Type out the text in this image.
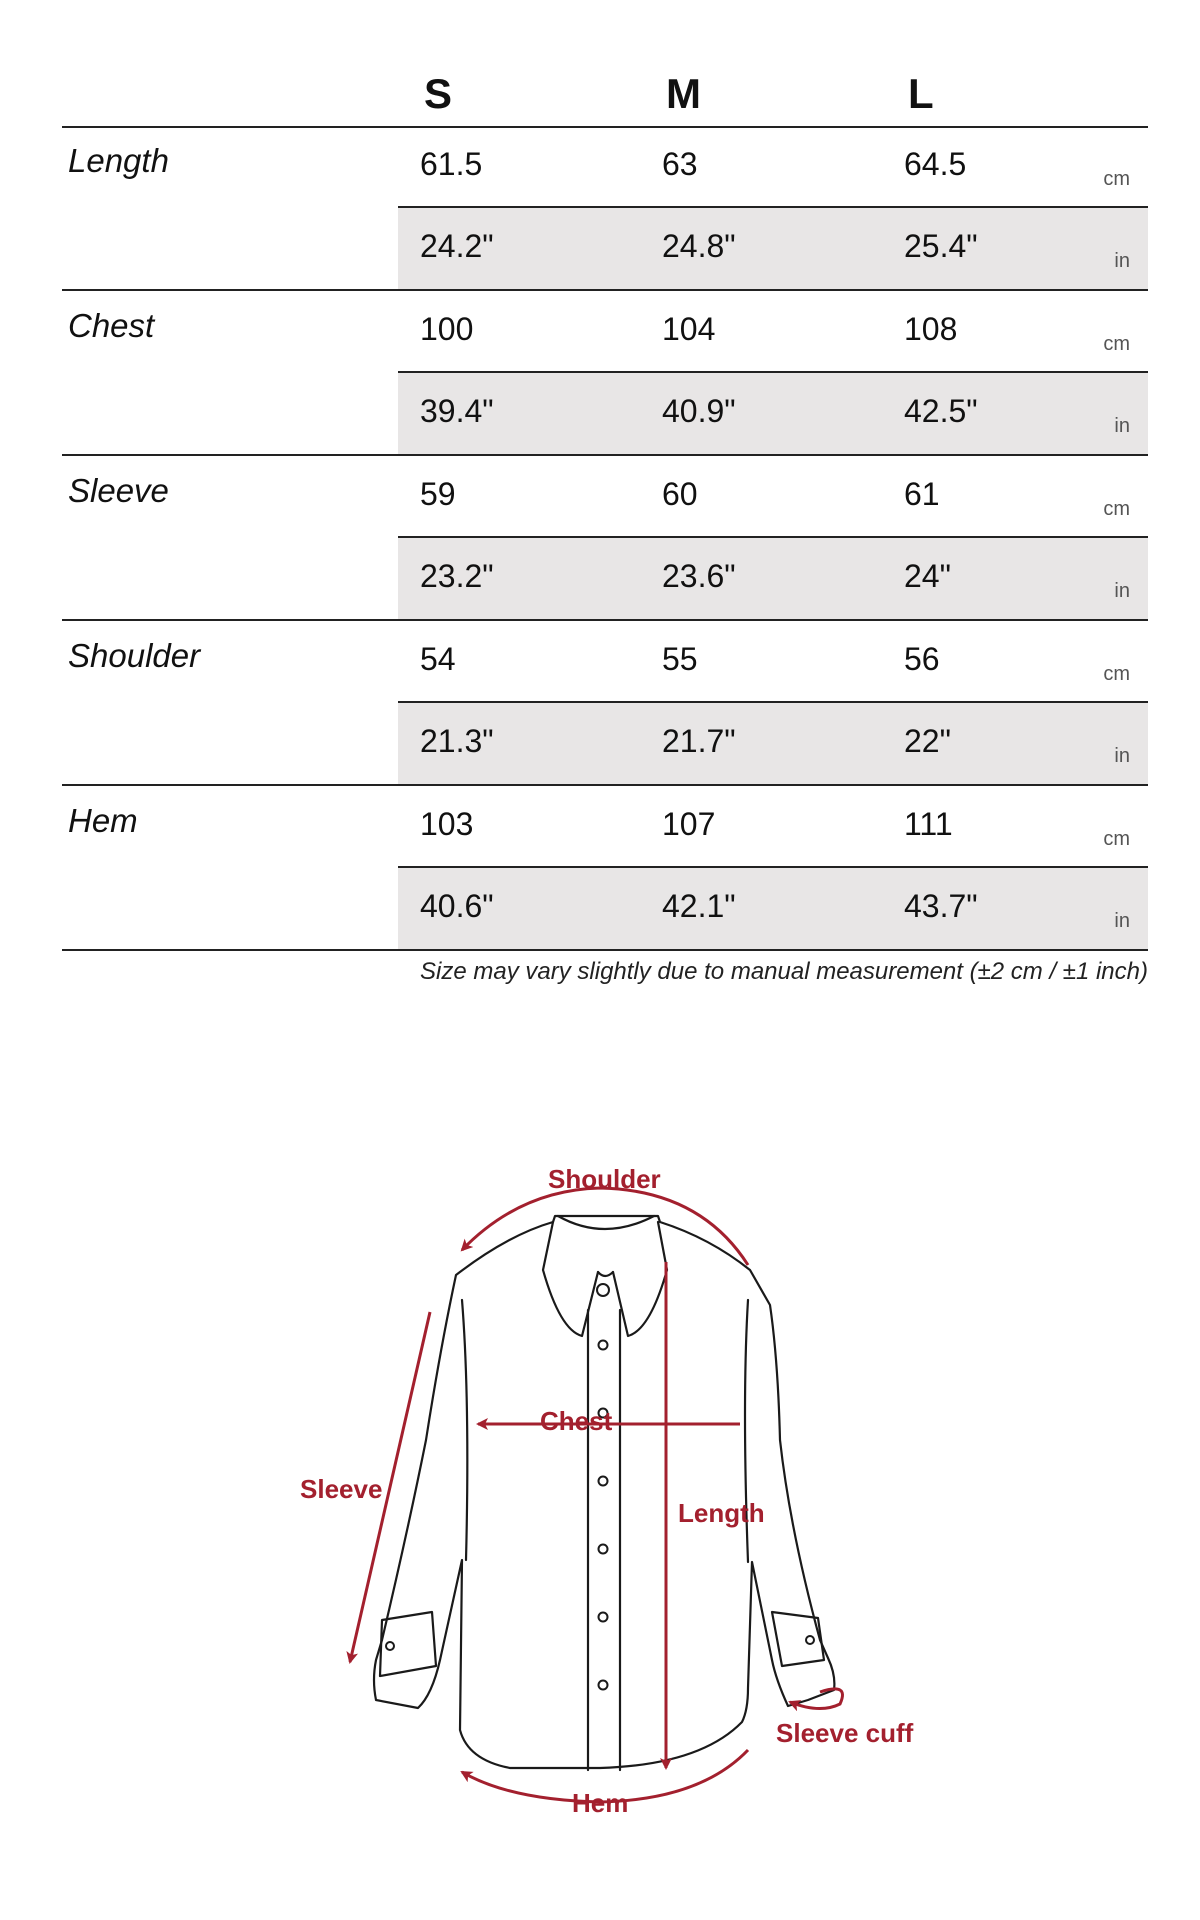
S	M	L
Length	61.5	63	64.5	cm
24.2"	24.8"	25.4"	in
Chest	100	104	108	cm
39.4"	40.9"	42.5"	in
Sleeve	59	60	61	cm
23.2"	23.6"	24"	in
Shoulder	54	55	56	cm
21.3"	21.7"	22"	in
Hem	103	107	111	cm
40.6"	42.1"	43.7"	in
Size may vary slightly due to manual measurement (±2 cm / ±1 inch)
Shoulder
Chest
Sleeve
Length
Sleeve cuff
Hem
